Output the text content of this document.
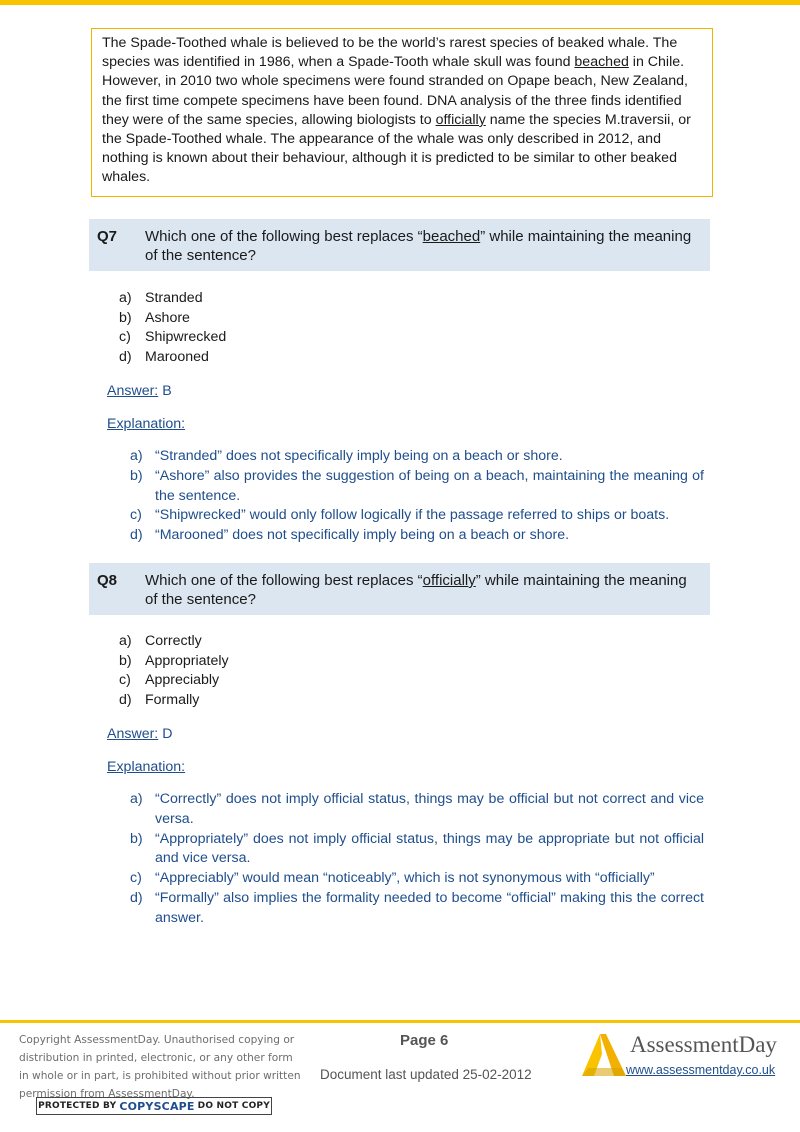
The Spade-Toothed whale is believed to be the world’s rarest species of beaked whale. The species was identified in 1986, when a Spade-Tooth whale skull was found beached in Chile. However, in 2010 two whole specimens were found stranded on Opape beach, New Zealand, the first time compete specimens have been found. DNA analysis of the three finds identified they were of the same species, allowing biologists to officially name the species M.traversii, or the Spade-Toothed whale. The appearance of the whale was only described in 2012, and nothing is known about their behaviour, although it is predicted to be similar to other beaked whales.

Q7 Which one of the following best replaces “beached” while maintaining the meaning of the sentence?
a) Stranded
b) Ashore
c) Shipwrecked
d) Marooned
Answer: B
Explanation:
a) “Stranded” does not specifically imply being on a beach or shore.
b) “Ashore” also provides the suggestion of being on a beach, maintaining the meaning of the sentence.
c) “Shipwrecked” would only follow logically if the passage referred to ships or boats.
d) “Marooned” does not specifically imply being on a beach or shore.
Q8 Which one of the following best replaces “officially” while maintaining the meaning of the sentence?
a) Correctly
b) Appropriately
c) Appreciably
d) Formally
Answer: D
Explanation:
a) “Correctly” does not imply official status, things may be official but not correct and vice versa.
b) “Appropriately” does not imply official status, things may be appropriate but not official and vice versa.
c) “Appreciably” would mean “noticeably”, which is not synonymous with “officially”
d) “Formally” also implies the formality needed to become “official” making this the correct answer.
Copyright AssessmentDay. Unauthorised copying or distribution in printed, electronic, or any other form in whole or in part, is prohibited without prior written permission from AssessmentDay.
PROTECTED BY COPYSCAPE DO NOT COPY
Page 6
Document last updated 25-02-2012
AssessmentDay
www.assessmentday.co.uk
